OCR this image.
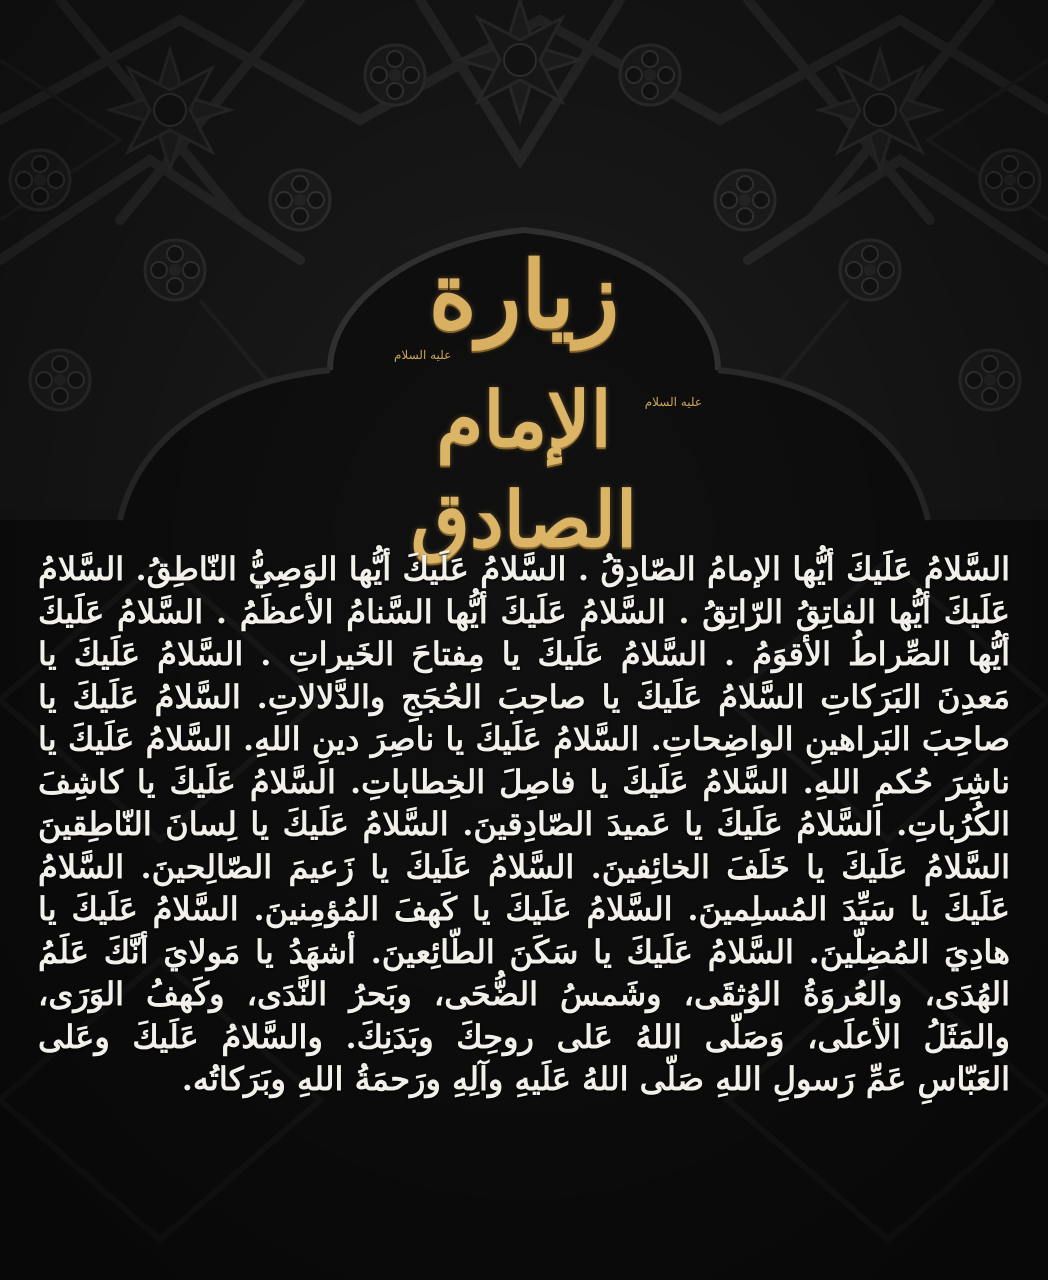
زيارة
عليه السلام
الإمام الصادق
عليه السلام

السَّلامُ عَلَيكَ أيُّها الإمامُ الصّادِقُ . السَّلامُ عَلَيكَ أيُّها الوَصِيُّ النّاطِقُ. السَّلامُ عَلَيكَ أيُّها الفاتِقُ الرّاتِقُ . السَّلامُ عَلَيكَ أيُّها السَّنامُ الأعظَمُ . السَّلامُ عَلَيكَ أيُّها الصِّراطُ الأقوَمُ . السَّلامُ عَلَيكَ يا مِفتاحَ الخَيراتِ . السَّلامُ عَلَيكَ يا مَعدِنَ البَرَكاتِ السَّلامُ عَلَيكَ يا صاحِبَ الحُجَجِ والدَّلالاتِ. السَّلامُ عَلَيكَ يا صاحِبَ البَراهينِ الواضِحاتِ. السَّلامُ عَلَيكَ يا ناصِرَ دينِ اللهِ. السَّلامُ عَلَيكَ يا ناشِرَ حُكمِ اللهِ. السَّلامُ عَلَيكَ يا فاصِلَ الخِطاباتِ. السَّلامُ عَلَيكَ يا كاشِفَ الكُرُباتِ. السَّلامُ عَلَيكَ يا عَميدَ الصّادِقينَ. السَّلامُ عَلَيكَ يا لِسانَ النّاطِقينَ السَّلامُ عَلَيكَ يا خَلَفَ الخائِفينَ. السَّلامُ عَلَيكَ يا زَعيمَ الصّالِحينَ. السَّلامُ عَلَيكَ يا سَيِّدَ المُسلِمينَ. السَّلامُ عَلَيكَ يا كَهفَ المُؤمِنينَ. السَّلامُ عَلَيكَ يا هادِيَ المُضِلّينَ. السَّلامُ عَلَيكَ يا سَكَنَ الطّائِعينَ. أشهَدُ يا مَولايَ أنَّكَ عَلَمُ الهُدَى، والعُروَةُ الوُثقَى، وشَمسُ الضُّحَى، وبَحرُ النَّدَى، وكَهفُ الوَرَى، والمَثَلُ الأعلَى، وَصَلّى اللهُ عَلى روحِكَ وبَدَنِكَ. والسَّلامُ عَلَيكَ وعَلى العَبّاسِ عَمِّ رَسولِ اللهِ صَلّى اللهُ عَلَيهِ وآلِهِ ورَحمَةُ اللهِ وبَرَكاتُه.
